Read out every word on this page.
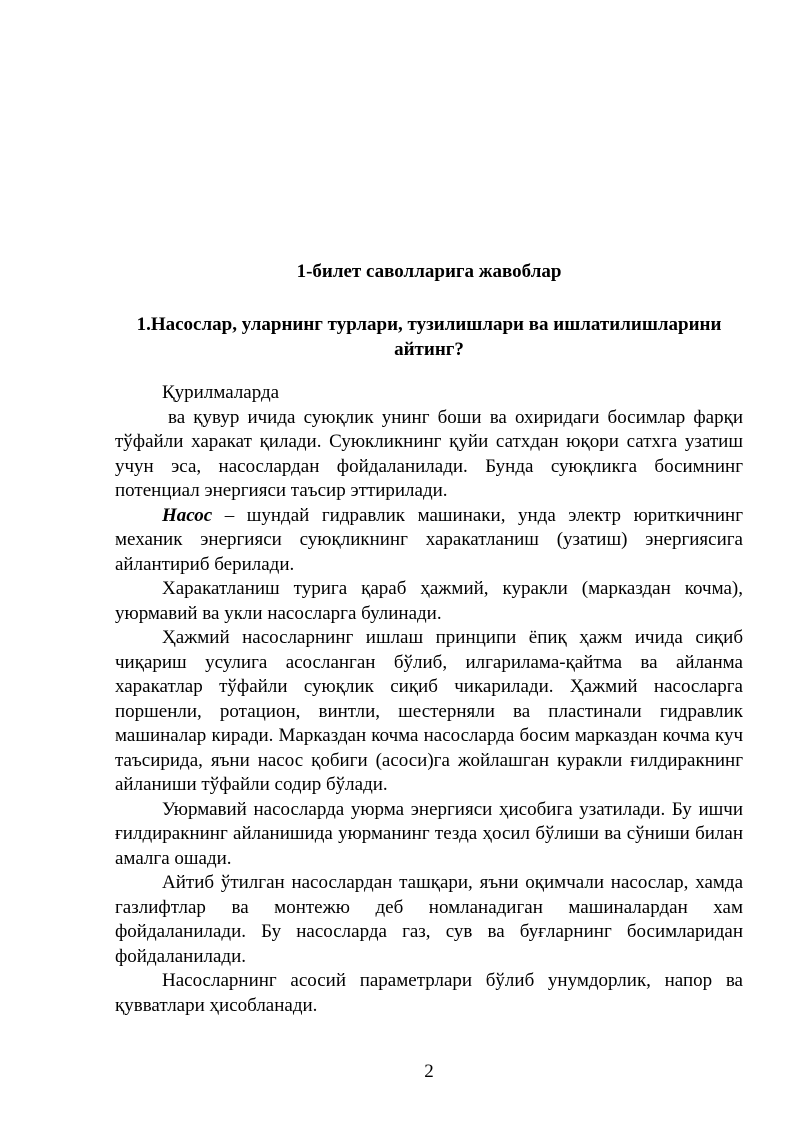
1-билет саволларига жавоблар
1.Насослар, уларнинг турлари, тузилишлари ва ишлатилишларини айтинг?

Қурилмаларда

ва қувур ичида суюқлик унинг боши ва охиридаги босимлар фарқи тўфайли харакат қилади. Суюкликнинг қуйи сатхдан юқори сатхга узатиш учун эса, насослардан фойдаланилади. Бунда суюқликга босимнинг потенциал энергияси таъсир эттирилади.

Насос – шундай гидравлик машинаки, унда электр юриткичнинг механик энергияси суюқликнинг харакатланиш (узатиш) энергиясига айлантириб берилади.

Харакатланиш турига қараб ҳажмий, куракли (марказдан кочма), уюрмавий ва укли насосларга булинади.

Ҳажмий насосларнинг ишлаш принципи ёпиқ ҳажм ичида сиқиб чиқариш усулига асосланган бўлиб, илгарилама-қайтма ва айланма харакатлар тўфайли суюқлик сиқиб чикарилади. Ҳажмий насосларга поршенли, ротацион, винтли, шестерняли ва пластинали гидравлик машиналар киради. Марказдан кочма насосларда босим марказдан кочма куч таъсирида, яъни насос қобиги (асоси)га жойлашган куракли ғилдиракнинг айланиши тўфайли содир бўлади.

Уюрмавий насосларда уюрма энергияси ҳисобига узатилади. Бу ишчи ғилдиракнинг айланишида уюрманинг тезда ҳосил бўлиши ва сўниши билан амалга ошади.

Айтиб ўтилган насослардан ташқари, яъни оқимчали насослар, хамда газлифтлар ва монтежю деб номланадиган машиналардан хам фойдаланилади. Бу насосларда газ, сув ва буғларнинг босимларидан фойдаланилади.

Насосларнинг асосий параметрлари бўлиб унумдорлик, напор ва қувватлари ҳисобланади.

2
